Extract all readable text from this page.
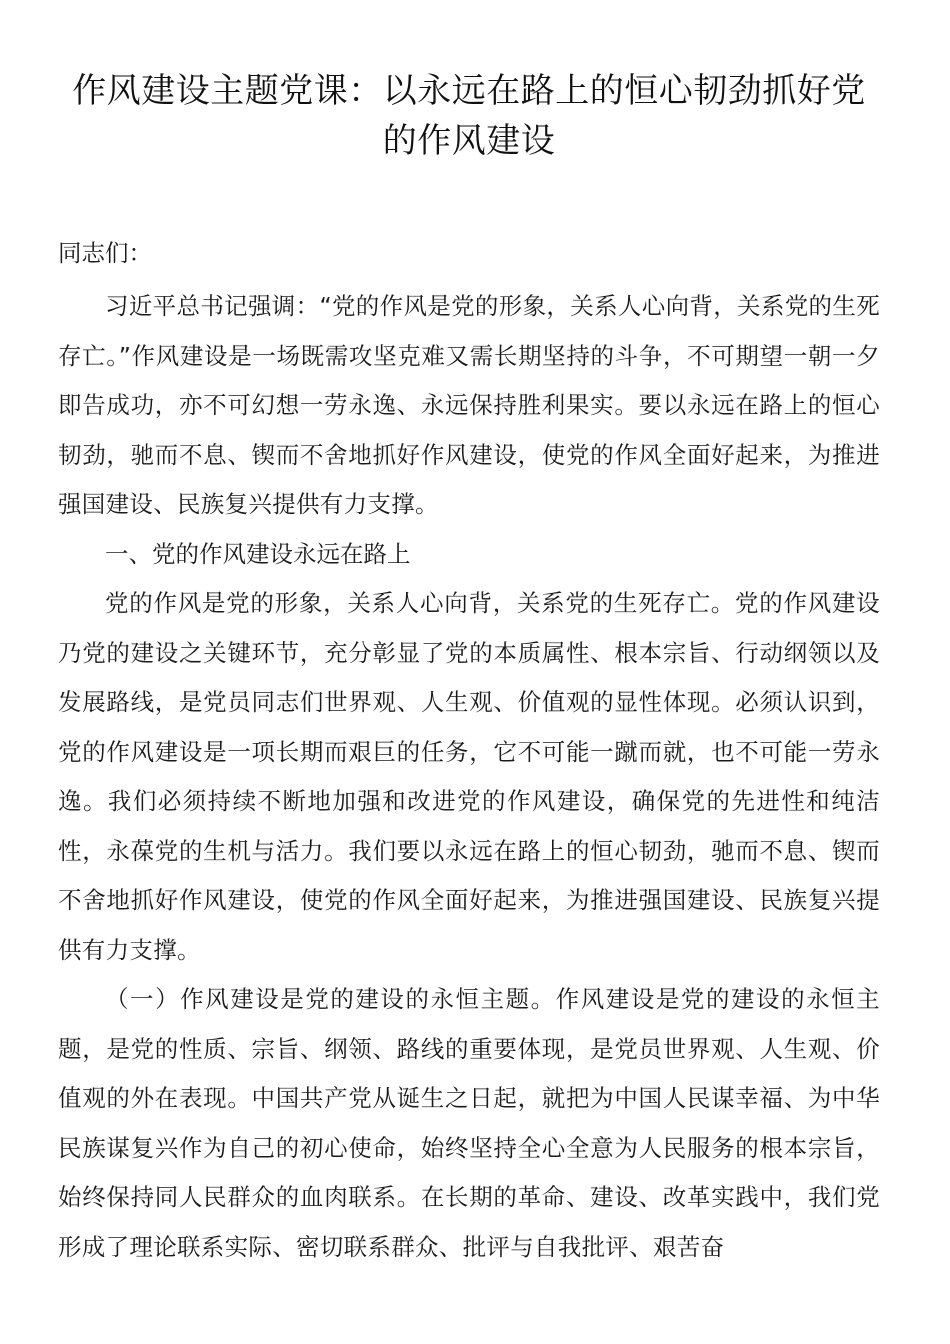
作风建设主题党课：以永远在路上的恒心韧劲抓好党的作风建设

同志们：

习近平总书记强调：“党的作风是党的形象，关系人心向背，关系党的生死存亡。”作风建设是一场既需攻坚克难又需长期坚持的斗争，不可期望一朝一夕即告成功，亦不可幻想一劳永逸、永远保持胜利果实。要以永远在路上的恒心韧劲，驰而不息、锲而不舍地抓好作风建设，使党的作风全面好起来，为推进强国建设、民族复兴提供有力支撑。

一、党的作风建设永远在路上

党的作风是党的形象，关系人心向背，关系党的生死存亡。党的作风建设乃党的建设之关键环节，充分彰显了党的本质属性、根本宗旨、行动纲领以及发展路线，是党员同志们世界观、人生观、价值观的显性体现。必须认识到，党的作风建设是一项长期而艰巨的任务，它不可能一蹴而就，也不可能一劳永逸。我们必须持续不断地加强和改进党的作风建设，确保党的先进性和纯洁性，永葆党的生机与活力。我们要以永远在路上的恒心韧劲，驰而不息、锲而不舍地抓好作风建设，使党的作风全面好起来，为推进强国建设、民族复兴提供有力支撑。

（一）作风建设是党的建设的永恒主题。作风建设是党的建设的永恒主题，是党的性质、宗旨、纲领、路线的重要体现，是党员世界观、人生观、价值观的外在表现。中国共产党从诞生之日起，就把为中国人民谋幸福、为中华民族谋复兴作为自己的初心使命，始终坚持全心全意为人民服务的根本宗旨，始终保持同人民群众的血肉联系。在长期的革命、建设、改革实践中，我们党形成了理论联系实际、密切联系群众、批评与自我批评、艰苦奋
